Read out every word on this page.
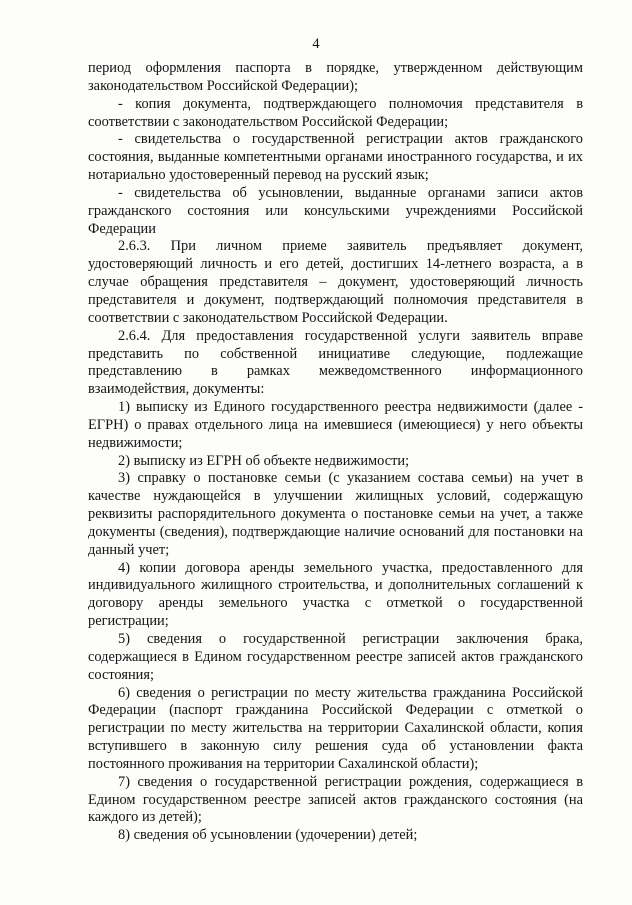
4

период оформления паспорта в порядке, утвержденном действующим законодательством Российской Федерации);

- копия документа, подтверждающего полномочия представителя в соответствии с законодательством Российской Федерации;

- свидетельства о государственной регистрации актов гражданского состояния, выданные компетентными органами иностранного государства, и их нотариально удостоверенный перевод на русский язык;

- свидетельства об усыновлении, выданные органами записи актов гражданского состояния или консульскими учреждениями Российской Федерации

2.6.3. При личном приеме заявитель предъявляет документ, удостоверяющий личность и его детей, достигших 14-летнего возраста, а в случае обращения представителя – документ, удостоверяющий личность представителя и документ, подтверждающий полномочия представителя в соответствии с законодательством Российской Федерации.

2.6.4. Для предоставления государственной услуги заявитель вправе представить по собственной инициативе следующие, подлежащие представлению в рамках межведомственного информационного взаимодействия, документы:

1) выписку из Единого государственного реестра недвижимости (далее - ЕГРН) о правах отдельного лица на имевшиеся (имеющиеся) у него объекты недвижимости;

2) выписку из ЕГРН об объекте недвижимости;

3) справку о постановке семьи (с указанием состава семьи) на учет в качестве нуждающейся в улучшении жилищных условий, содержащую реквизиты распорядительного документа о постановке семьи на учет, а также документы (сведения), подтверждающие наличие оснований для постановки на данный учет;

4) копии договора аренды земельного участка, предоставленного для индивидуального жилищного строительства, и дополнительных соглашений к договору аренды земельного участка с отметкой о государственной регистрации;

5) сведения о государственной регистрации заключения брака, содержащиеся в Едином государственном реестре записей актов гражданского состояния;

6) сведения о регистрации по месту жительства гражданина Российской Федерации (паспорт гражданина Российской Федерации с отметкой о регистрации по месту жительства на территории Сахалинской области, копия вступившего в законную силу решения суда об установлении факта постоянного проживания на территории Сахалинской области);

7) сведения о государственной регистрации рождения, содержащиеся в Едином государственном реестре записей актов гражданского состояния (на каждого из детей);

8) сведения об усыновлении (удочерении) детей;
